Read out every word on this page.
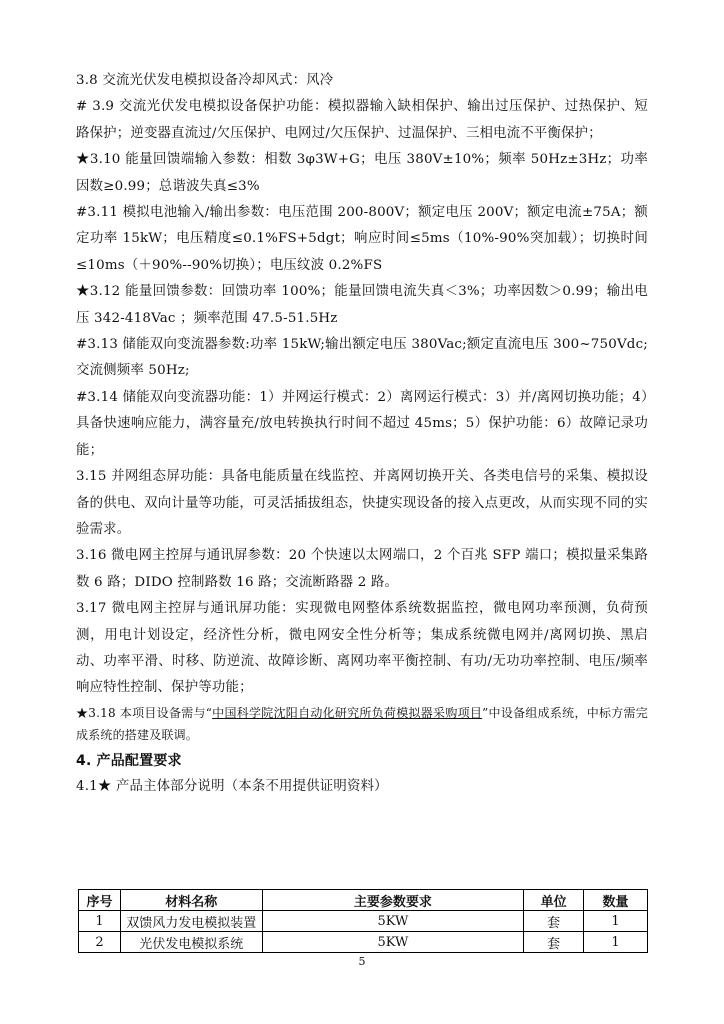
3.8 交流光伏发电模拟设备冷却风式：风冷

# 3.9 交流光伏发电模拟设备保护功能：模拟器输入缺相保护、输出过压保护、过热保护、短路保护；逆变器直流过/欠压保护、电网过/欠压保护、过温保护、三相电流不平衡保护；

★3.10 能量回馈端输入参数：相数 3φ3W+G；电压 380V±10%；频率 50Hz±3Hz；功率因数≥0.99；总谐波失真≤3%

#3.11 模拟电池输入/输出参数：电压范围 200-800V；额定电压 200V；额定电流±75A；额定功率 15kW；电压精度≤0.1%FS+5dgt；响应时间≤5ms（10%-90%突加载）；切换时间≤10ms（＋90%--90%切换）；电压纹波 0.2%FS

★3.12 能量回馈参数：回馈功率 100%；能量回馈电流失真＜3%；功率因数＞0.99；输出电压 342-418Vac ；频率范围 47.5-51.5Hz

#3.13 储能双向变流器参数:功率 15kW;输出额定电压 380Vac;额定直流电压 300~750Vdc;交流侧频率 50Hz;

#3.14 储能双向变流器功能：1）并网运行模式：2）离网运行模式：3）并/离网切换功能；4）具备快速响应能力，满容量充/放电转换执行时间不超过 45ms；5）保护功能：6）故障记录功能；

3.15 并网组态屏功能：具备电能质量在线监控、并离网切换开关、各类电信号的采集、模拟设备的供电、双向计量等功能，可灵活插拔组态，快捷实现设备的接入点更改，从而实现不同的实验需求。

3.16 微电网主控屏与通讯屏参数：20 个快速以太网端口，2 个百兆 SFP 端口；模拟量采集路数 6 路；DIDO 控制路数 16 路；交流断路器 2 路。

3.17 微电网主控屏与通讯屏功能：实现微电网整体系统数据监控，微电网功率预测，负荷预测，用电计划设定，经济性分析，微电网安全性分析等；集成系统微电网并/离网切换、黑启动、功率平滑、时移、防逆流、故障诊断、离网功率平衡控制、有功/无功功率控制、电压/频率响应特性控制、保护等功能；

★3.18 本项目设备需与“中国科学院沈阳自动化研究所负荷模拟器采购项目”中设备组成系统，中标方需完成系统的搭建及联调。

4. 产品配置要求

4.1★ 产品主体部分说明（本条不用提供证明资料）

序号	材料名称	主要参数要求	单位	数量
1	双馈风力发电模拟装置	5KW	套	1
2	光伏发电模拟系统	5KW	套	1
5
